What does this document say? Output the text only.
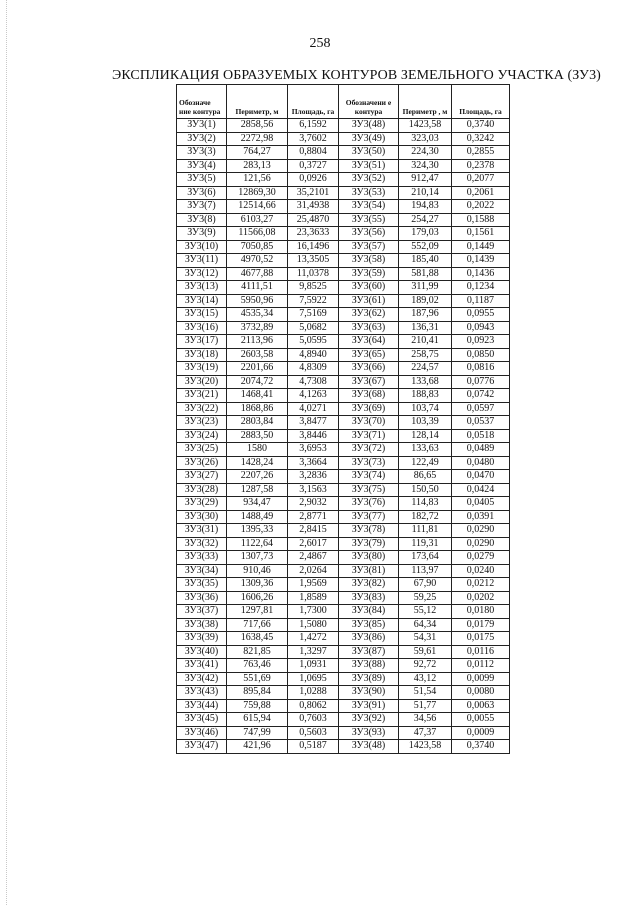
258
ЭКСПЛИКАЦИЯ ОБРАЗУЕМЫХ КОНТУРОВ ЗЕМЕЛЬНОГО УЧАСТКА (ЗУ3)
Обозначе ние контура	Периметр, м	Площадь, га	Обозначени е контура	Периметр , м	Площадь, га
ЗУ3(1)	2858,56	6,1592	ЗУ3(48)	1423,58	0,3740
ЗУ3(2)	2272,98	3,7602	ЗУ3(49)	323,03	0,3242
ЗУ3(3)	764,27	0,8804	ЗУ3(50)	224,30	0,2855
ЗУ3(4)	283,13	0,3727	ЗУ3(51)	324,30	0,2378
ЗУ3(5)	121,56	0,0926	ЗУ3(52)	912,47	0,2077
ЗУ3(6)	12869,30	35,2101	ЗУ3(53)	210,14	0,2061
ЗУ3(7)	12514,66	31,4938	ЗУ3(54)	194,83	0,2022
ЗУ3(8)	6103,27	25,4870	ЗУ3(55)	254,27	0,1588
ЗУ3(9)	11566,08	23,3633	ЗУ3(56)	179,03	0,1561
ЗУ3(10)	7050,85	16,1496	ЗУ3(57)	552,09	0,1449
ЗУ3(11)	4970,52	13,3505	ЗУ3(58)	185,40	0,1439
ЗУ3(12)	4677,88	11,0378	ЗУ3(59)	581,88	0,1436
ЗУ3(13)	4111,51	9,8525	ЗУ3(60)	311,99	0,1234
ЗУ3(14)	5950,96	7,5922	ЗУ3(61)	189,02	0,1187
ЗУ3(15)	4535,34	7,5169	ЗУ3(62)	187,96	0,0955
ЗУ3(16)	3732,89	5,0682	ЗУ3(63)	136,31	0,0943
ЗУ3(17)	2113,96	5,0595	ЗУ3(64)	210,41	0,0923
ЗУ3(18)	2603,58	4,8940	ЗУ3(65)	258,75	0,0850
ЗУ3(19)	2201,66	4,8309	ЗУ3(66)	224,57	0,0816
ЗУ3(20)	2074,72	4,7308	ЗУ3(67)	133,68	0,0776
ЗУ3(21)	1468,41	4,1263	ЗУ3(68)	188,83	0,0742
ЗУ3(22)	1868,86	4,0271	ЗУ3(69)	103,74	0,0597
ЗУ3(23)	2803,84	3,8477	ЗУ3(70)	103,39	0,0537
ЗУ3(24)	2883,50	3,8446	ЗУ3(71)	128,14	0,0518
ЗУ3(25)	1580	3,6953	ЗУ3(72)	133,63	0,0489
ЗУ3(26)	1428,24	3,3664	ЗУ3(73)	122,49	0,0480
ЗУ3(27)	2207,26	3,2836	ЗУ3(74)	86,65	0,0470
ЗУ3(28)	1287,58	3,1563	ЗУ3(75)	150,50	0,0424
ЗУ3(29)	934,47	2,9032	ЗУ3(76)	114,83	0,0405
ЗУ3(30)	1488,49	2,8771	ЗУ3(77)	182,72	0,0391
ЗУ3(31)	1395,33	2,8415	ЗУ3(78)	111,81	0,0290
ЗУ3(32)	1122,64	2,6017	ЗУ3(79)	119,31	0,0290
ЗУ3(33)	1307,73	2,4867	ЗУ3(80)	173,64	0,0279
ЗУ3(34)	910,46	2,0264	ЗУ3(81)	113,97	0,0240
ЗУ3(35)	1309,36	1,9569	ЗУ3(82)	67,90	0,0212
ЗУ3(36)	1606,26	1,8589	ЗУ3(83)	59,25	0,0202
ЗУ3(37)	1297,81	1,7300	ЗУ3(84)	55,12	0,0180
ЗУ3(38)	717,66	1,5080	ЗУ3(85)	64,34	0,0179
ЗУ3(39)	1638,45	1,4272	ЗУ3(86)	54,31	0,0175
ЗУ3(40)	821,85	1,3297	ЗУ3(87)	59,61	0,0116
ЗУ3(41)	763,46	1,0931	ЗУ3(88)	92,72	0,0112
ЗУ3(42)	551,69	1,0695	ЗУ3(89)	43,12	0,0099
ЗУ3(43)	895,84	1,0288	ЗУ3(90)	51,54	0,0080
ЗУ3(44)	759,88	0,8062	ЗУ3(91)	51,77	0,0063
ЗУ3(45)	615,94	0,7603	ЗУ3(92)	34,56	0,0055
ЗУ3(46)	747,99	0,5603	ЗУ3(93)	47,37	0,0009
ЗУ3(47)	421,96	0,5187	ЗУ3(48)	1423,58	0,3740
